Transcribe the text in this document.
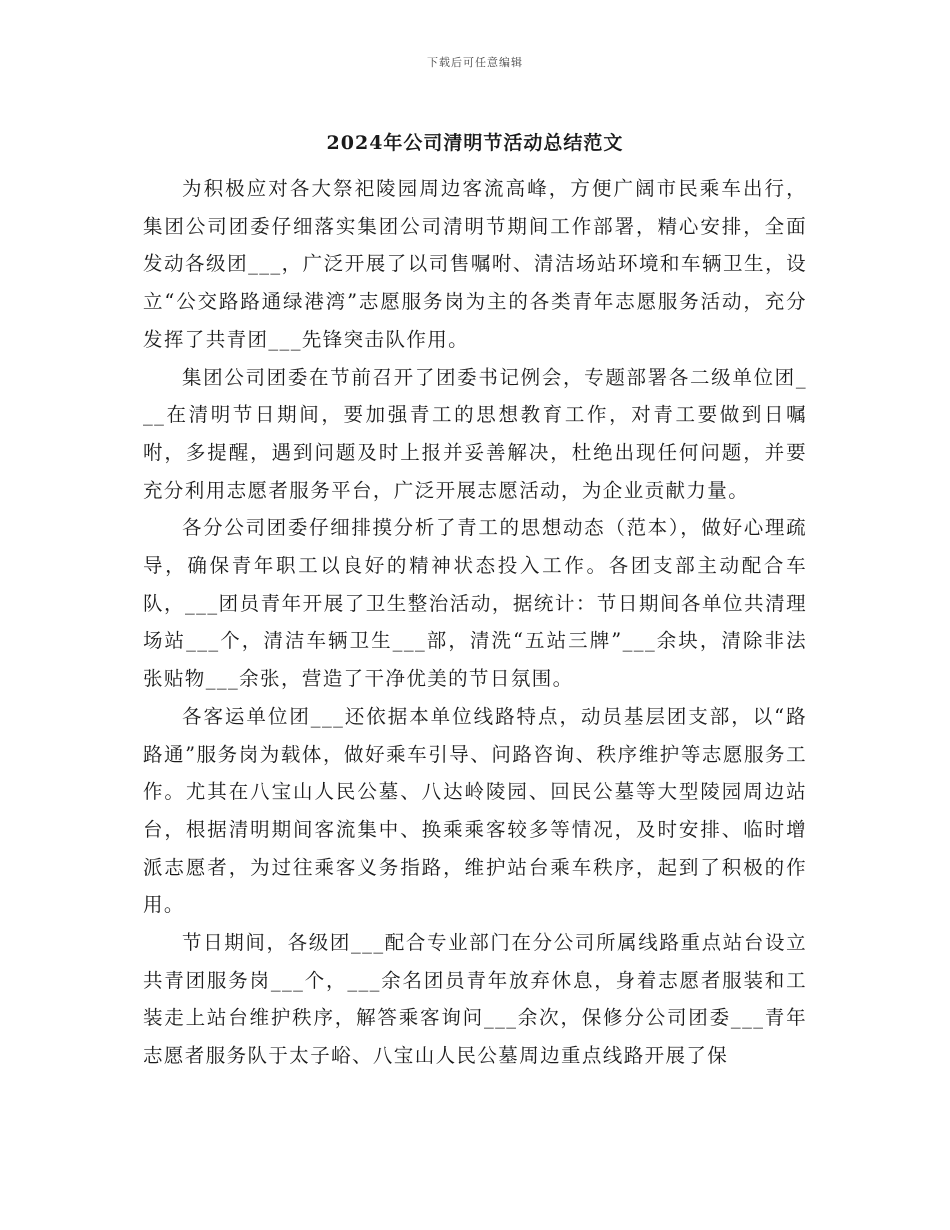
下载后可任意编辑
2024年公司清明节活动总结范文

为积极应对各大祭祀陵园周边客流高峰，方便广阔市民乘车出行，集团公司团委仔细落实集团公司清明节期间工作部署，精心安排，全面发动各级团___，广泛开展了以司售嘱咐、清洁场站环境和车辆卫生，设立“公交路路通绿港湾”志愿服务岗为主的各类青年志愿服务活动，充分发挥了共青团___先锋突击队作用。

集团公司团委在节前召开了团委书记例会，专题部署各二级单位团___在清明节日期间，要加强青工的思想教育工作，对青工要做到日嘱咐，多提醒，遇到问题及时上报并妥善解决，杜绝出现任何问题，并要充分利用志愿者服务平台，广泛开展志愿活动，为企业贡献力量。

各分公司团委仔细排摸分析了青工的思想动态（范本），做好心理疏导，确保青年职工以良好的精神状态投入工作。各团支部主动配合车队，___团员青年开展了卫生整治活动，据统计：节日期间各单位共清理场站___个，清洁车辆卫生___部，清洗“五站三牌”___余块，清除非法张贴物___余张，营造了干净优美的节日氛围。

各客运单位团___还依据本单位线路特点，动员基层团支部，以“路路通”服务岗为载体，做好乘车引导、问路咨询、秩序维护等志愿服务工作。尤其在八宝山人民公墓、八达岭陵园、回民公墓等大型陵园周边站台，根据清明期间客流集中、换乘乘客较多等情况，及时安排、临时增派志愿者，为过往乘客义务指路，维护站台乘车秩序，起到了积极的作用。

节日期间，各级团___配合专业部门在分公司所属线路重点站台设立共青团服务岗___个，___余名团员青年放弃休息，身着志愿者服装和工装走上站台维护秩序，解答乘客询问___余次，保修分公司团委___青年志愿者服务队于太子峪、八宝山人民公墓周边重点线路开展了保
